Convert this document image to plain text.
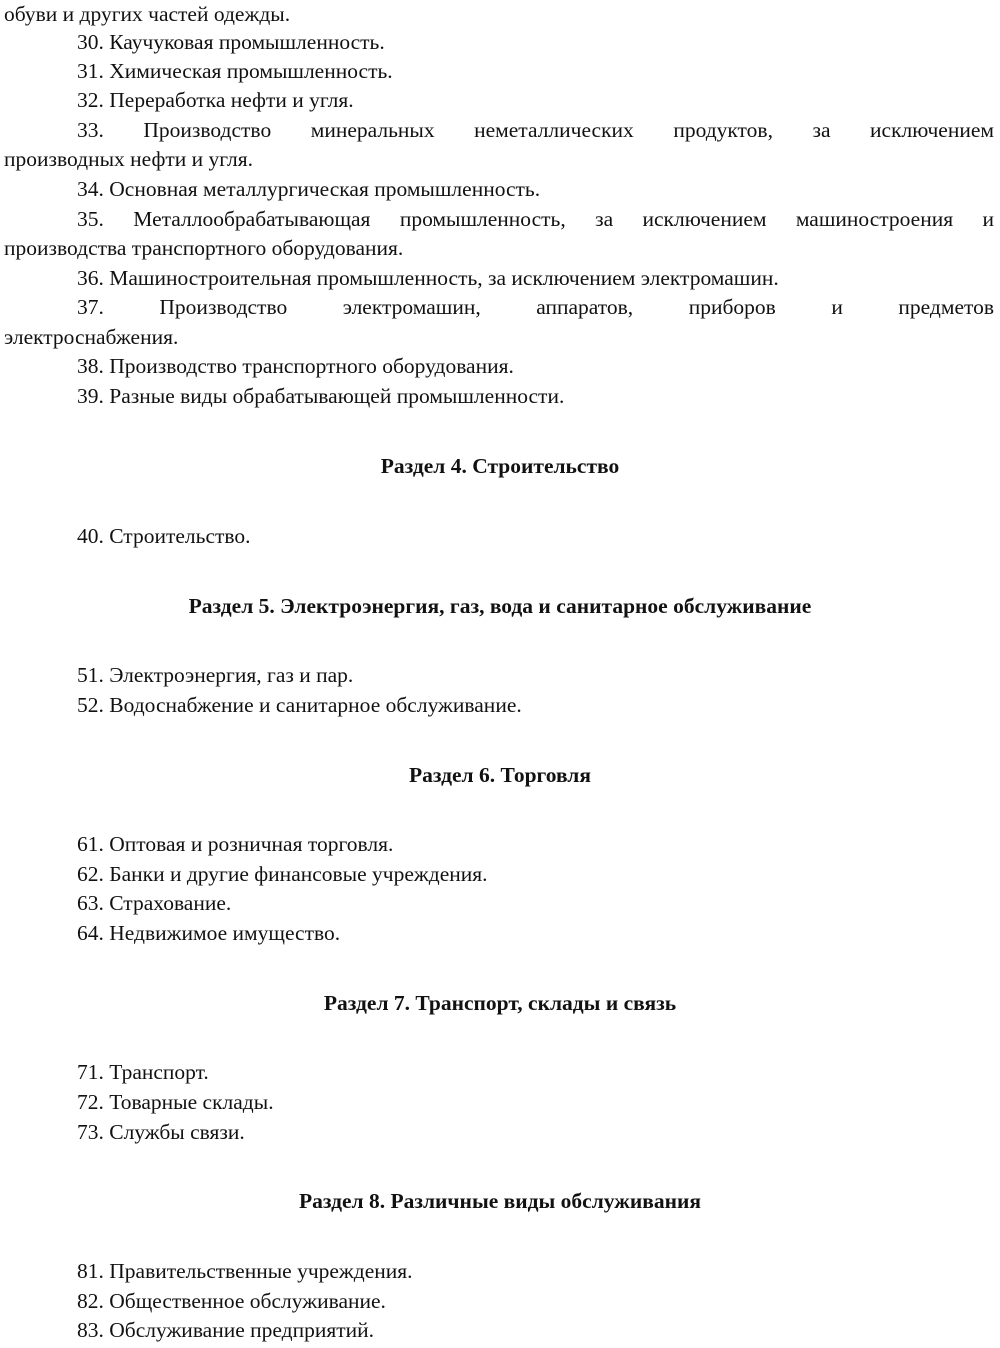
обуви и других частей одежды.
30. Каучуковая промышленность.
31. Химическая промышленность.
32. Переработка нефти и угля.
33. Производство минеральных неметаллических продуктов, за исключением
производных нефти и угля.
34. Основная металлургическая промышленность.
35. Металлообрабатывающая промышленность, за исключением машиностроения и
производства транспортного оборудования.
36. Машиностроительная промышленность, за исключением электромашин.
37. Производство электромашин, аппаратов, приборов и предметов
электроснабжения.
38. Производство транспортного оборудования.
39. Разные виды обрабатывающей промышленности.
Раздел 4. Строительство
40. Строительство.
Раздел 5. Электроэнергия, газ, вода и санитарное обслуживание
51. Электроэнергия, газ и пар.
52. Водоснабжение и санитарное обслуживание.
Раздел 6. Торговля
61. Оптовая и розничная торговля.
62. Банки и другие финансовые учреждения.
63. Страхование.
64. Недвижимое имущество.
Раздел 7. Транспорт, склады и связь
71. Транспорт.
72. Товарные склады.
73. Службы связи.
Раздел 8. Различные виды обслуживания
81. Правительственные учреждения.
82. Общественное обслуживание.
83. Обслуживание предприятий.
